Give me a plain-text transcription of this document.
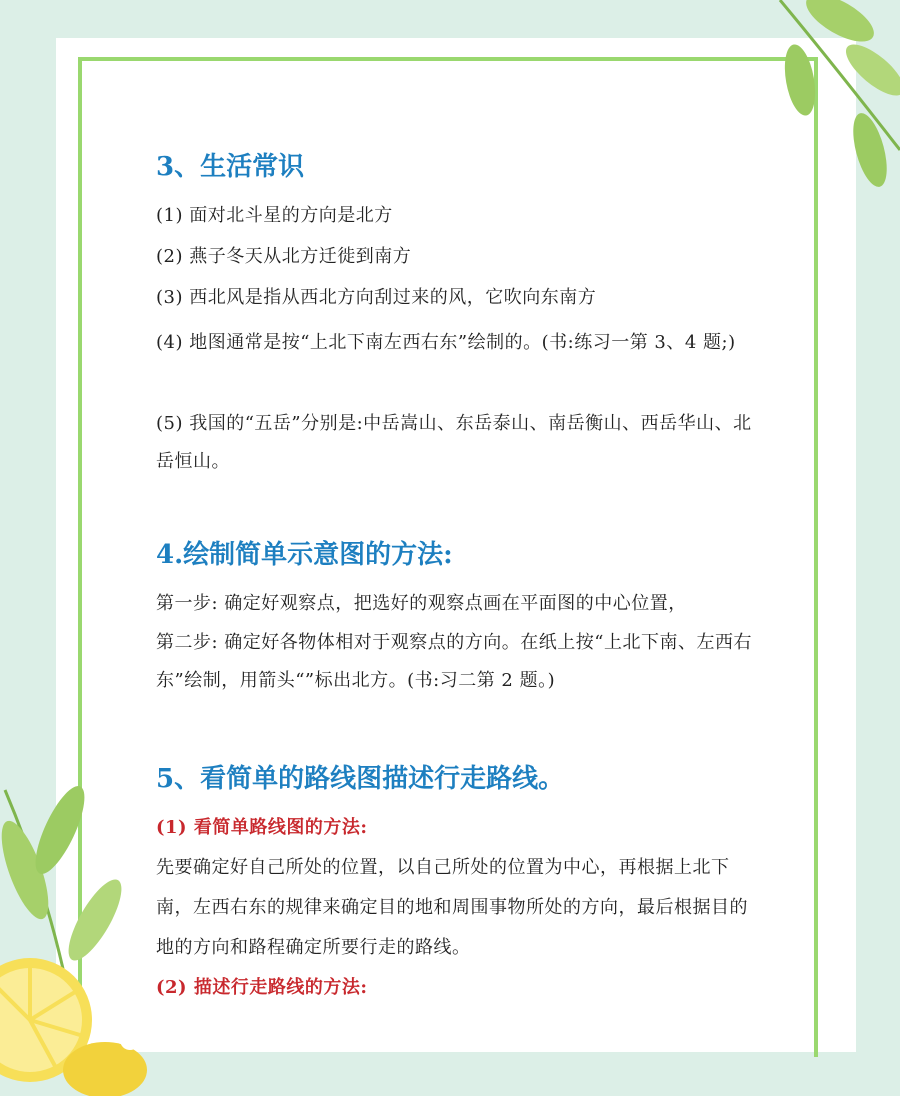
3、生活常识

(1) 面对北斗星的方向是北方

(2) 燕子冬天从北方迁徙到南方

(3) 西北风是指从西北方向刮过来的风，它吹向东南方

(4) 地图通常是按“上北下南左西右东”绘制的。(书:练习一第 3、4 题;)

(5) 我国的“五岳”分别是:中岳嵩山、东岳泰山、南岳衡山、西岳华山、北岳恒山。

4.绘制简单示意图的方法:

第一步: 确定好观察点，把选好的观察点画在平面图的中心位置，

第二步: 确定好各物体相对于观察点的方向。在纸上按“上北下南、左西右东”绘制，用箭头“”标出北方。(书:习二第 2 题。)

5、看简单的路线图描述行走路线。

(1) 看简单路线图的方法:

先要确定好自己所处的位置，以自己所处的位置为中心，再根据上北下南，左西右东的规律来确定目的地和周围事物所处的方向，最后根据目的地的方向和路程确定所要行走的路线。

(2) 描述行走路线的方法:
